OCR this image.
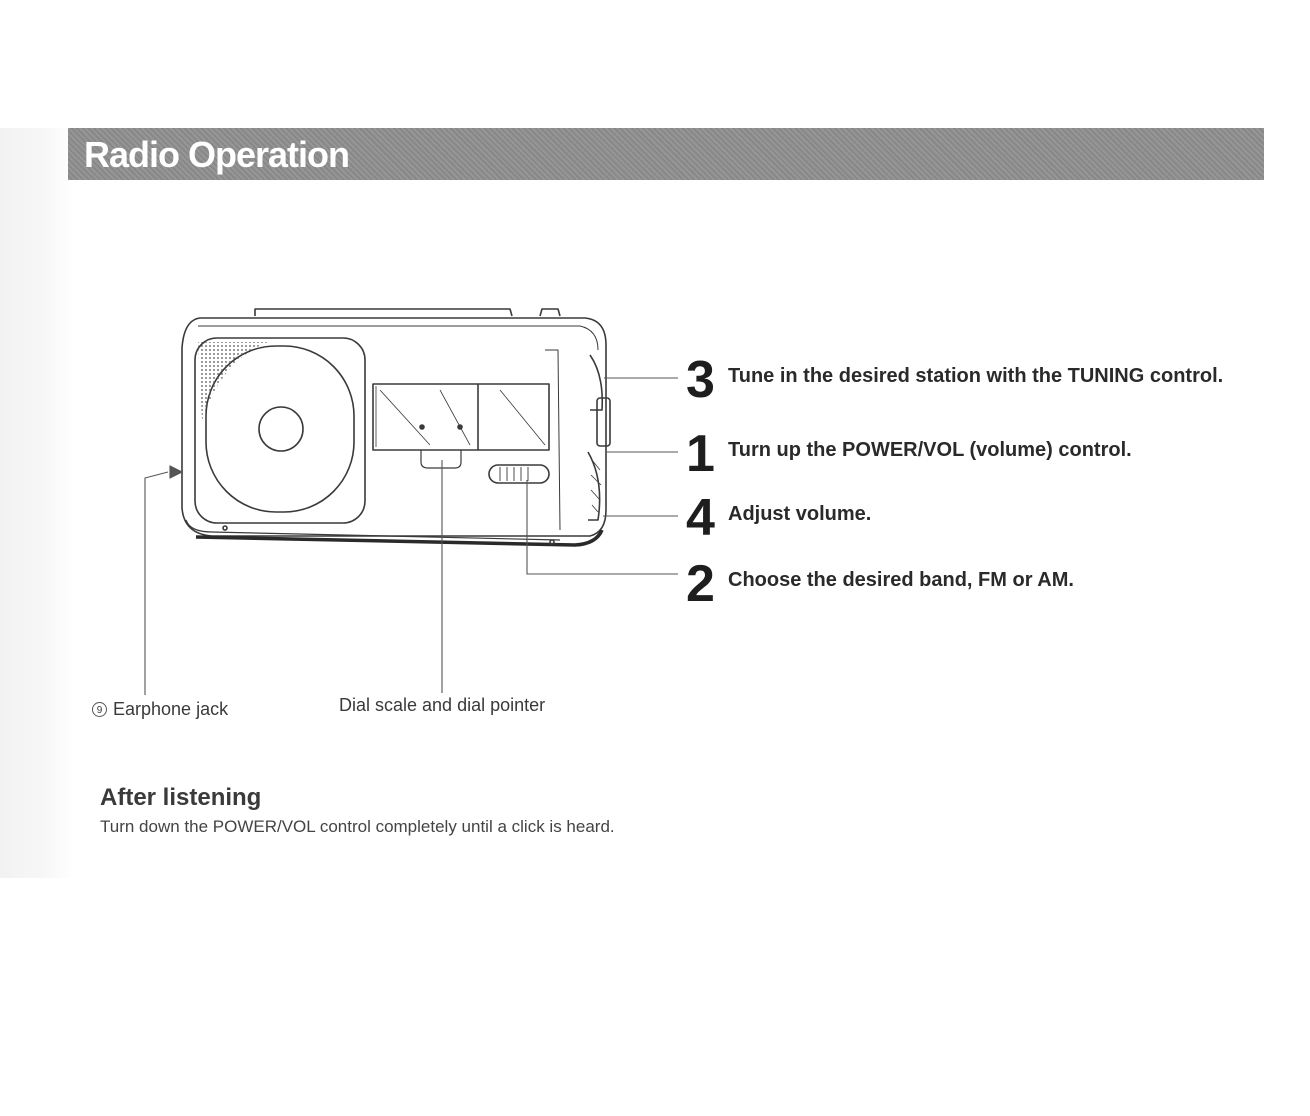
Radio Operation
3 Tune in the desired station with the TUNING control.
1 Turn up the POWER/VOL (volume) control.
4 Adjust volume.
2 Choose the desired band, FM or AM.
9 Earphone jack	Dial scale and dial pointer
After listening
Turn down the POWER/VOL control completely until a click is heard.
